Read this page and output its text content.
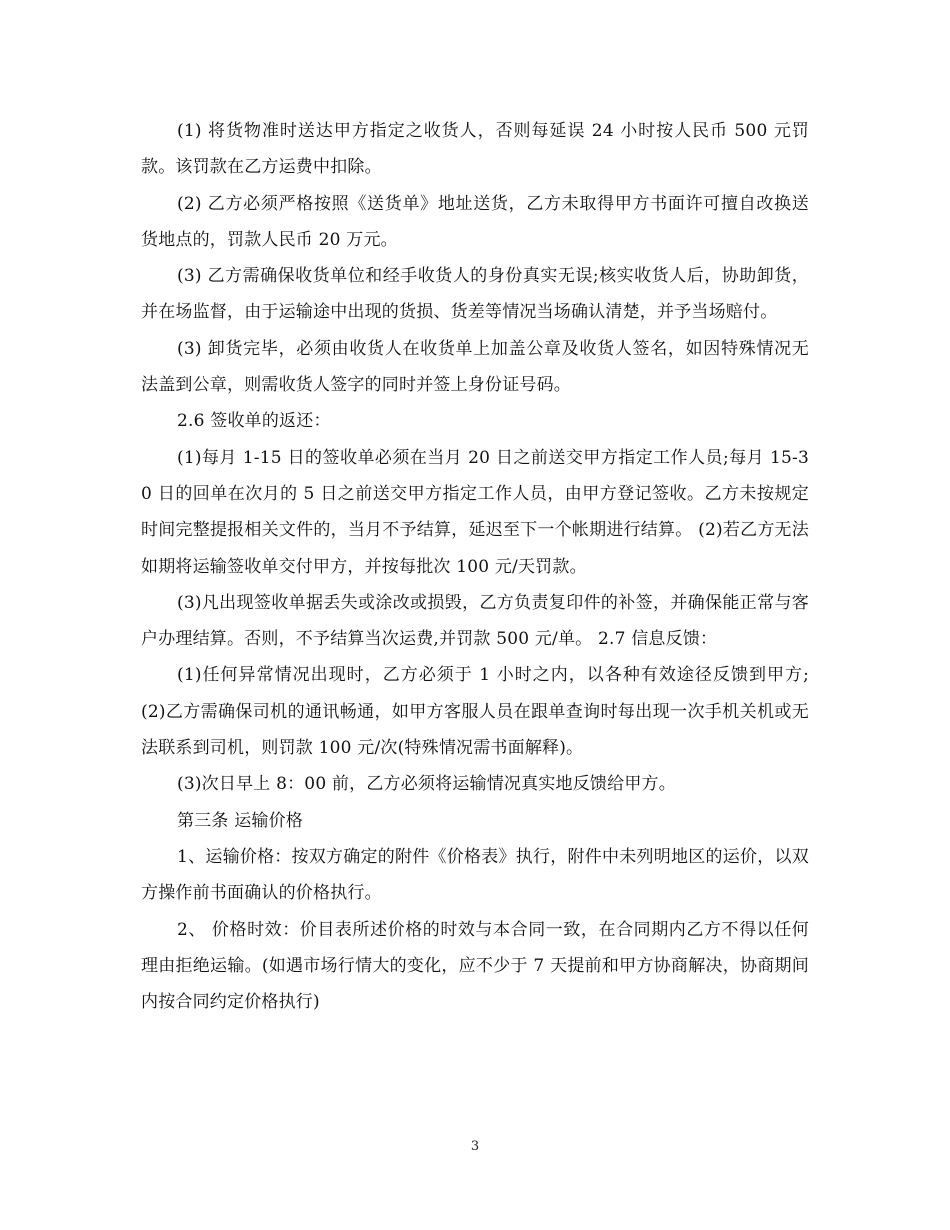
(1) 将货物准时送达甲方指定之收货人，否则每延误 24 小时按人民币 500 元罚款。该罚款在乙方运费中扣除。

(2) 乙方必须严格按照《送货单》地址送货，乙方未取得甲方书面许可擅自改换送货地点的，罚款人民币 20 万元。

(3) 乙方需确保收货单位和经手收货人的身份真实无误;核实收货人后，协助卸货，并在场监督，由于运输途中出现的货损、货差等情况当场确认清楚，并予当场赔付。

(3) 卸货完毕，必须由收货人在收货单上加盖公章及收货人签名，如因特殊情况无法盖到公章，则需收货人签字的同时并签上身份证号码。

2.6 签收单的返还：

(1)每月 1-15 日的签收单必须在当月 20 日之前送交甲方指定工作人员;每月 15-30 日的回单在次月的 5 日之前送交甲方指定工作人员，由甲方登记签收。乙方未按规定时间完整提报相关文件的，当月不予结算，延迟至下一个帐期进行结算。 (2)若乙方无法如期将运输签收单交付甲方，并按每批次 100 元/天罚款。

(3)凡出现签收单据丢失或涂改或损毁，乙方负责复印件的补签，并确保能正常与客户办理结算。否则，不予结算当次运费,并罚款 500 元/单。 2.7 信息反馈：

(1)任何异常情况出现时，乙方必须于 1 小时之内，以各种有效途径反馈到甲方; (2)乙方需确保司机的通讯畅通，如甲方客服人员在跟单查询时每出现一次手机关机或无法联系到司机，则罚款 100 元/次(特殊情况需书面解释)。

(3)次日早上 8：00 前，乙方必须将运输情况真实地反馈给甲方。

第三条 运输价格

1、运输价格：按双方确定的附件《价格表》执行，附件中未列明地区的运价，以双方操作前书面确认的价格执行。

2、 价格时效：价目表所述价格的时效与本合同一致，在合同期内乙方不得以任何理由拒绝运输。(如遇市场行情大的变化，应不少于 7 天提前和甲方协商解决，协商期间内按合同约定价格执行)

3
